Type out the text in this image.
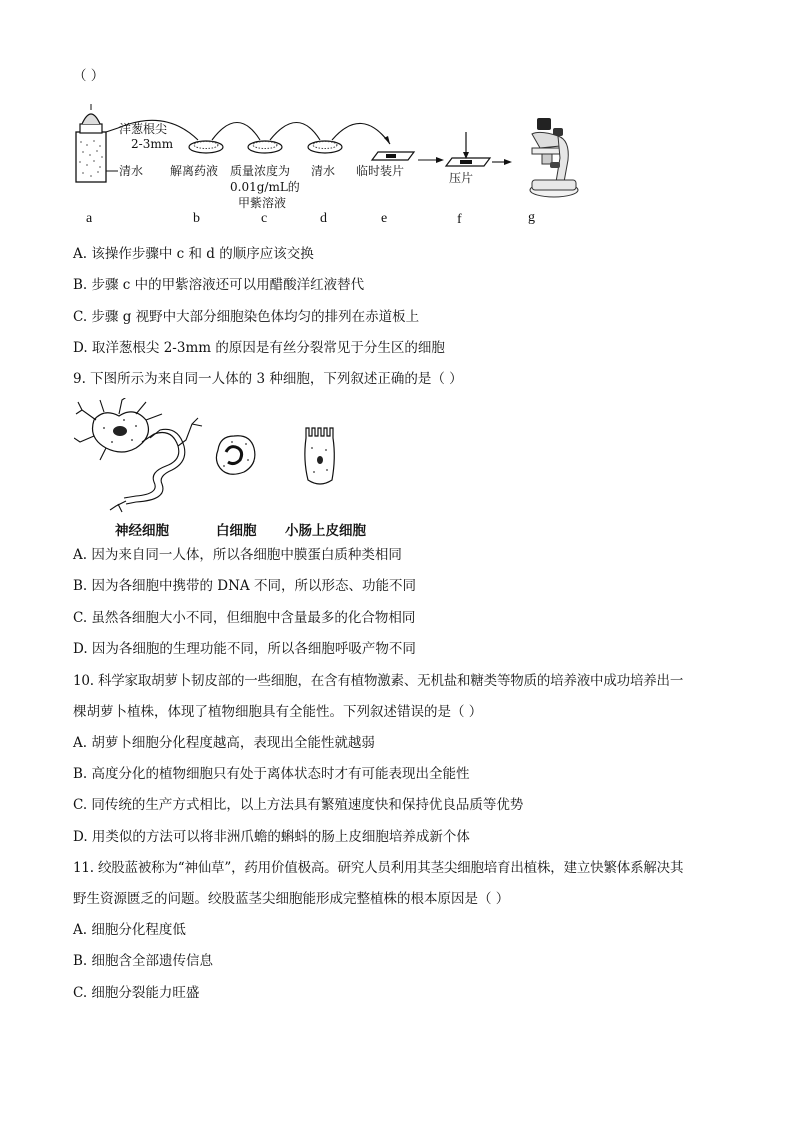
（ ）
洋葱根尖
2-3mm
清水 解离药液 质量浓度为
0.01g/mL的
甲紫溶液
清水 临时装片	压片
a	b	c	d	e	f	g
A. 该操作步骤中 c 和 d 的顺序应该交换
B. 步骤 c 中的甲紫溶液还可以用醋酸洋红液替代
C. 步骤 g 视野中大部分细胞染色体均匀的排列在赤道板上
D. 取洋葱根尖 2-3mm 的原因是有丝分裂常见于分生区的细胞
9. 下图所示为来自同一人体的 3 种细胞，下列叙述正确的是（ ）
神经细胞	白细胞 小肠上皮细胞
A. 因为来自同一人体，所以各细胞中膜蛋白质种类相同
B. 因为各细胞中携带的 DNA 不同，所以形态、功能不同
C. 虽然各细胞大小不同，但细胞中含量最多的化合物相同
D. 因为各细胞的生理功能不同，所以各细胞呼吸产物不同
10. 科学家取胡萝卜韧皮部的一些细胞，在含有植物激素、无机盐和糖类等物质的培养液中成功培养出一
棵胡萝卜植株，体现了植物细胞具有全能性。下列叙述错误的是（ ）
A. 胡萝卜细胞分化程度越高，表现出全能性就越弱
B. 高度分化的植物细胞只有处于离体状态时才有可能表现出全能性
C. 同传统的生产方式相比，以上方法具有繁殖速度快和保持优良品质等优势
D. 用类似的方法可以将非洲爪蟾的蝌蚪的肠上皮细胞培养成新个体
11. 绞股蓝被称为“神仙草”，药用价值极高。研究人员利用其茎尖细胞培育出植株，建立快繁体系解决其
野生资源匮乏的问题。绞股蓝茎尖细胞能形成完整植株的根本原因是（ ）
A. 细胞分化程度低
B. 细胞含全部遗传信息
C. 细胞分裂能力旺盛
